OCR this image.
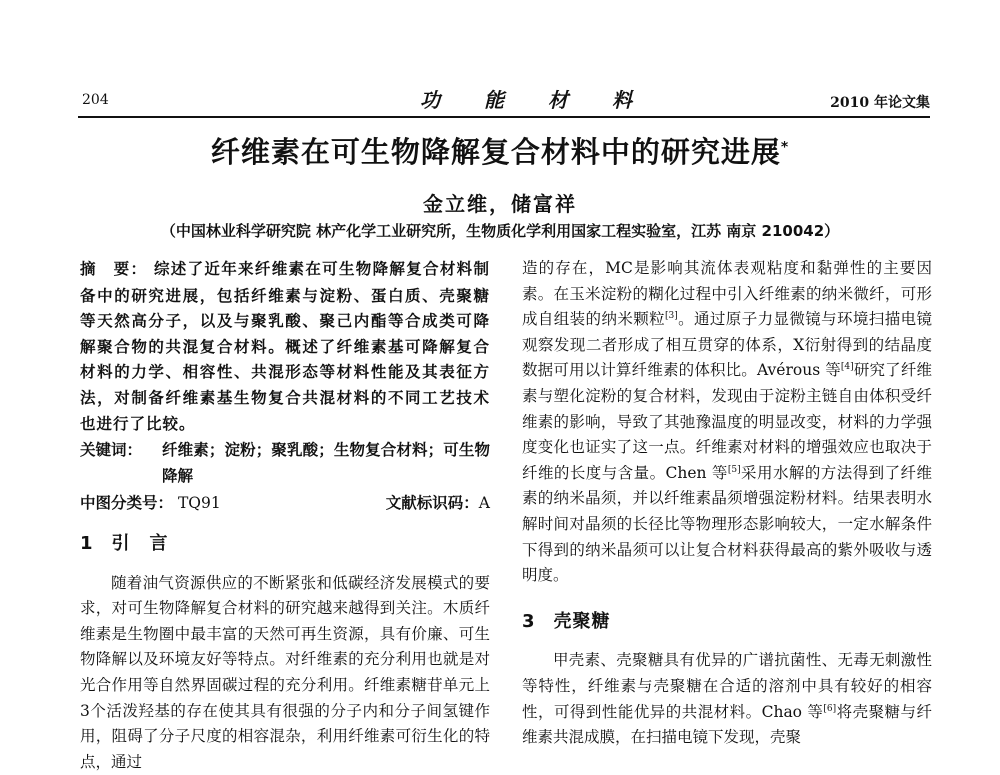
204	功能材料	2010 年论文集
纤维素在可生物降解复合材料中的研究进展*
金立维，储富祥
（中国林业科学研究院 林产化学工业研究所，生物质化学利用国家工程实验室，江苏 南京 210042）

摘　要： 综述了近年来纤维素在可生物降解复合材料制备中的研究进展，包括纤维素与淀粉、蛋白质、壳聚糖等天然高分子，以及与聚乳酸、聚己内酯等合成类可降解聚合物的共混复合材料。概述了纤维素基可降解复合材料的力学、相容性、共混形态等材料性能及其表征方法，对制备纤维素基生物复合共混材料的不同工艺技术也进行了比较。

关键词：	纤维素；淀粉；聚乳酸；生物复合材料；可生物降解
中图分类号： TQ91	文献标识码：A
1 引　言

随着油气资源供应的不断紧张和低碳经济发展模式的要求，对可生物降解复合材料的研究越来越得到关注。木质纤维素是生物圈中最丰富的天然可再生资源，具有价廉、可生物降解以及环境友好等特点。对纤维素的充分利用也就是对光合作用等自然界固碳过程的充分利用。纤维素糖苷单元上3个活泼羟基的存在使其具有很强的分子内和分子间氢键作用，阻碍了分子尺度的相容混杂，利用纤维素可衍生化的特点，通过

造的存在，MC是影响其流体表观粘度和黏弹性的主要因素。在玉米淀粉的糊化过程中引入纤维素的纳米微纤，可形成自组装的纳米颗粒[3]。通过原子力显微镜与环境扫描电镜观察发现二者形成了相互贯穿的体系，X衍射得到的结晶度数据可用以计算纤维素的体积比。Avérous 等[4]研究了纤维素与塑化淀粉的复合材料，发现由于淀粉主链自由体积受纤维素的影响，导致了其弛豫温度的明显改变，材料的力学强度变化也证实了这一点。纤维素对材料的增强效应也取决于纤维的长度与含量。Chen 等[5]采用水解的方法得到了纤维素的纳米晶须，并以纤维素晶须增强淀粉材料。结果表明水解时间对晶须的长径比等物理形态影响较大，一定水解条件下得到的纳米晶须可以让复合材料获得最高的紫外吸收与透明度。

3 壳聚糖

甲壳素、壳聚糖具有优异的广谱抗菌性、无毒无刺激性等特性，纤维素与壳聚糖在合适的溶剂中具有较好的相容性，可得到性能优异的共混材料。Chao 等[6]将壳聚糖与纤维素共混成膜，在扫描电镜下发现，壳聚
